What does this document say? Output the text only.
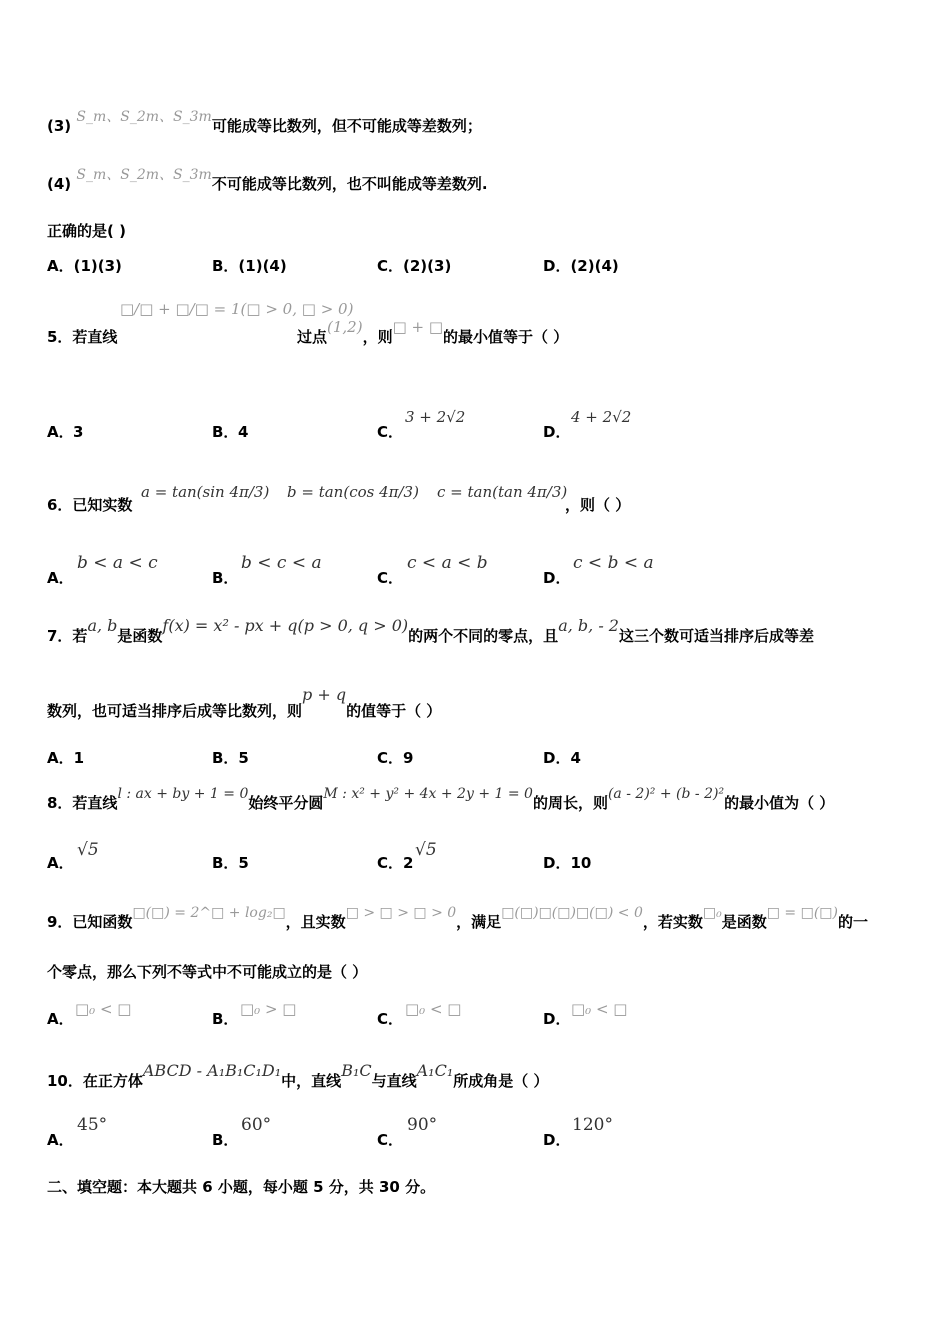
(3) S_m、S_2m、S_3m可能成等比数列，但不可能成等差数列；
(4) S_m、S_2m、S_3m不可能成等比数列，也不叫能成等差数列.
正确的是( )
A．(1)(3)	B．(1)(4)	C．(2)(3)	D．(2)(4)
5．若直线
□/□ + □/□ = 1(□ > 0, □ > 0)
过点(1,2)，则□ + □的最小值等于（ ）
A． 3	B． 4	C．
3 + 2√2
D．
4 + 2√2
6．已知实数
a = tan(sin 4π/3) b = tan(cos 4π/3) c = tan(tan 4π/3)
，则（ ）
A．
b < a < c
B．
b < c < a
C．
c < a < b
D．
c < b < a
7．若a, b是函数f(x) = x² - px + q(p > 0, q > 0)的两个不同的零点，且a, b, - 2这三个数可适当排序后成等差
数列，也可适当排序后成等比数列，则p + q的值等于（ ）
A．1	B．5	C．9	D．4
8．若直线l : ax + by + 1 = 0始终平分圆M : x² + y² + 4x + 2y + 1 = 0的周长，则(a - 2)² + (b - 2)²的最小值为（ ）
A．
√5
B．5	C．2
√5
D．10
9．已知函数□(□) = 2^□ + log₂□，且实数□ > □ > □ > 0，满足□(□)□(□)□(□) < 0，若实数□₀是函数□ = □(□)的一
个零点，那么下列不等式中不可能成立的是（ ）
A．
□₀ < □
B．
□₀ > □
C．
□₀ < □
D．
□₀ < □
10．在正方体ABCD - A₁B₁C₁D₁中，直线B₁C与直线A₁C₁所成角是（ ）
A．
45°
B．
60°
C．
90°
D．
120°
二、填空题：本大题共 6 小题，每小题 5 分，共 30 分。
